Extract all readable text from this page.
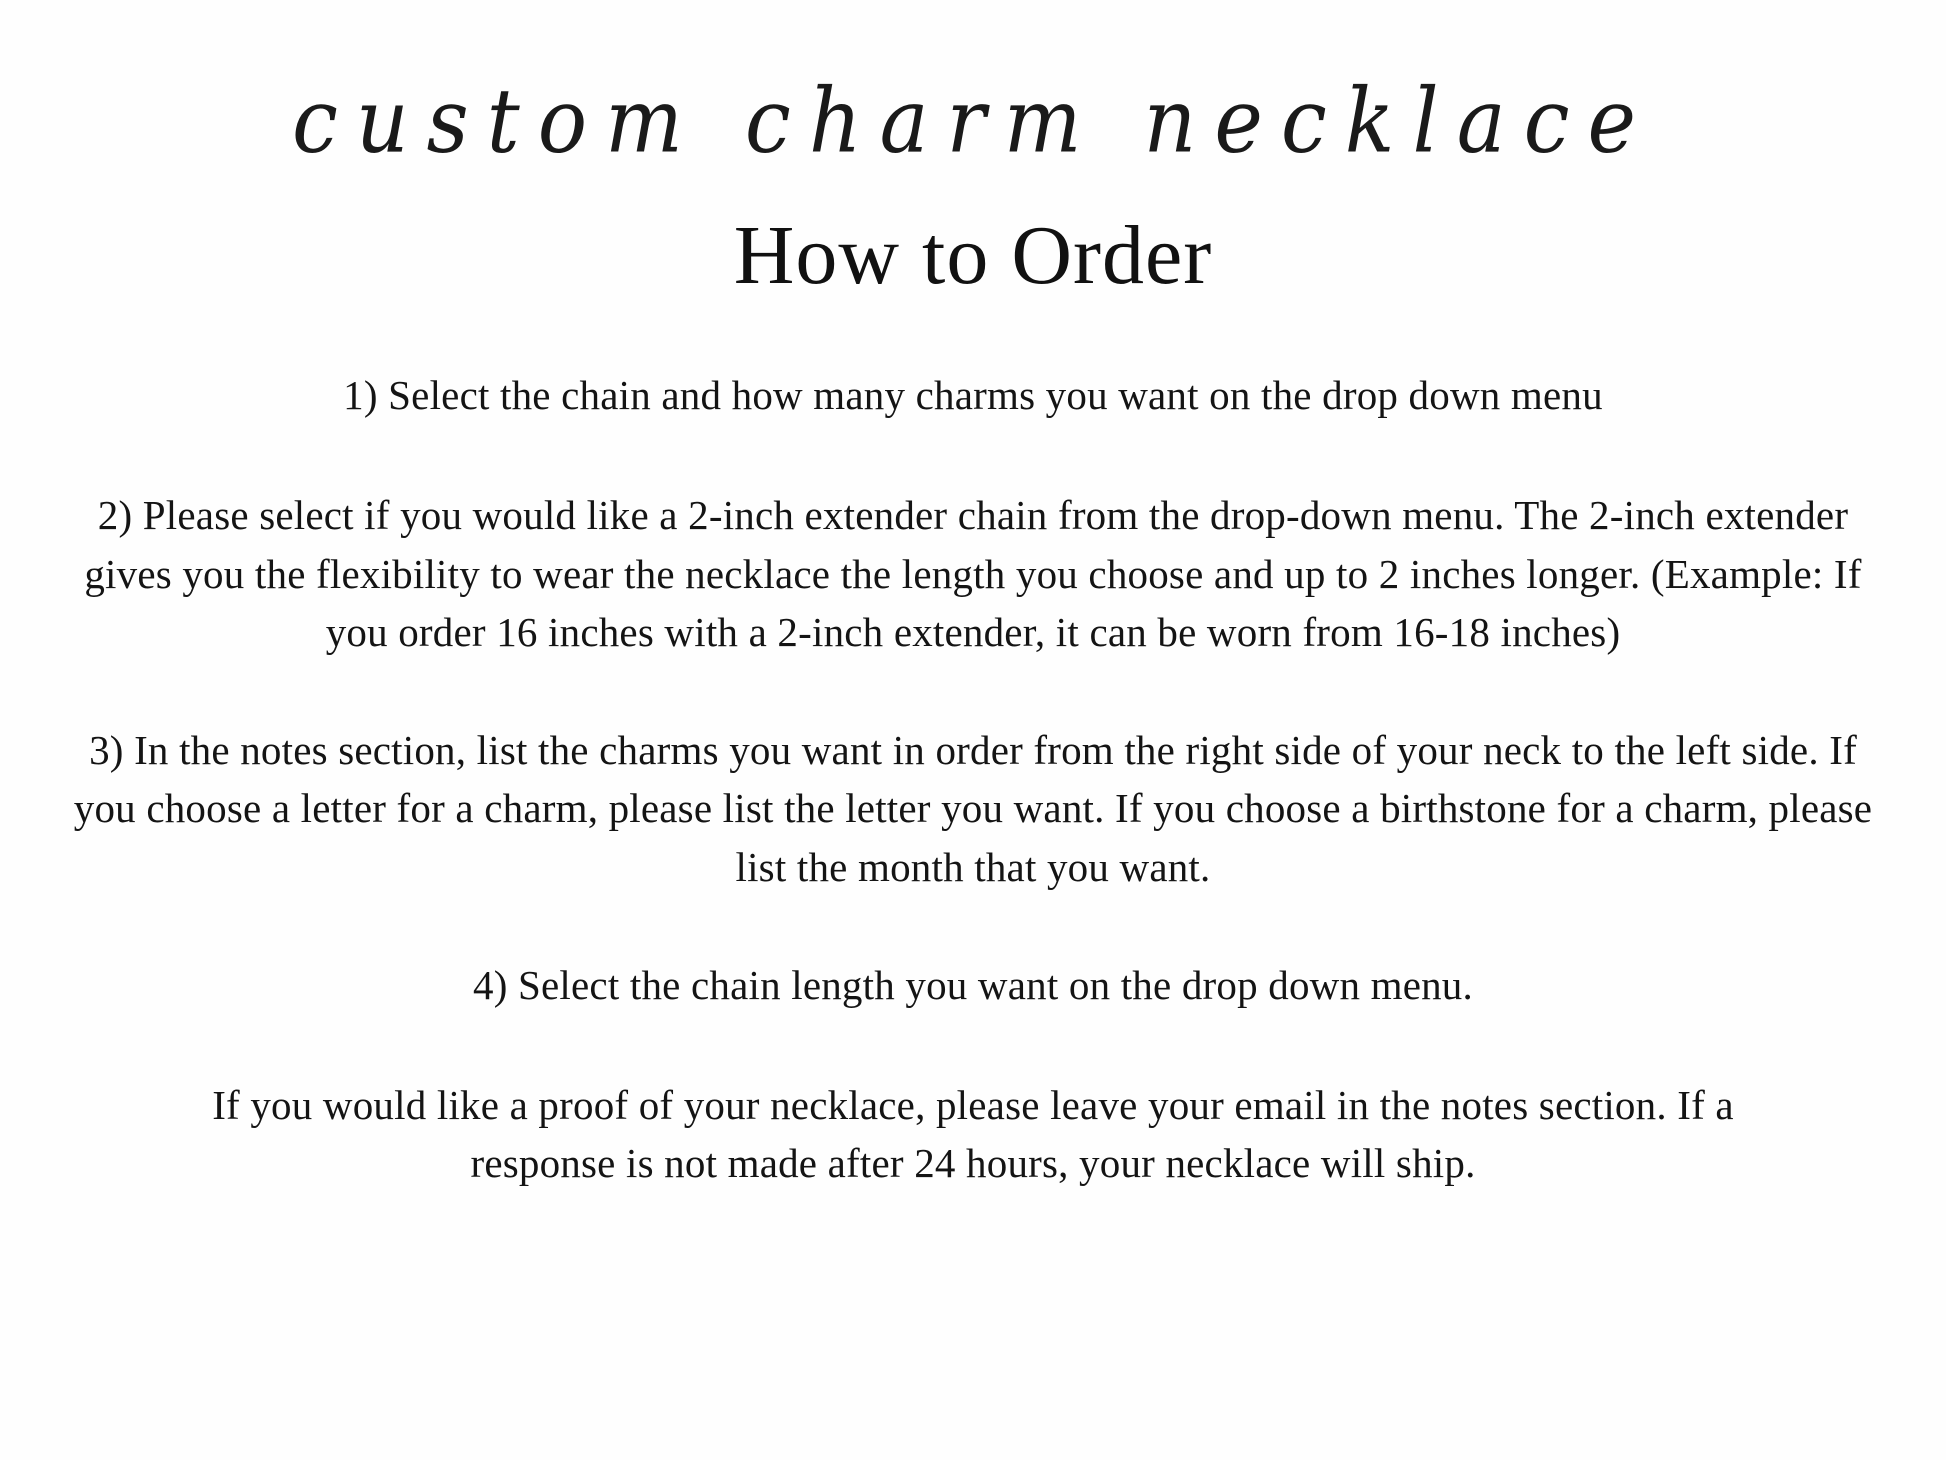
custom charm necklace
How to Order

1) Select the chain and how many charms you want on the drop down menu

2) Please select if you would like a 2-inch extender chain from the drop-down menu. The 2-inch extender gives you the flexibility to wear the necklace the length you choose and up to 2 inches longer. (Example: If you order 16 inches with a 2-inch extender, it can be worn from 16-18 inches)

3) In the notes section, list the charms you want in order from the right side of your neck to the left side. If you choose a letter for a charm, please list the letter you want. If you choose a birthstone for a charm, please list the month that you want.

4) Select the chain length you want on the drop down menu.

If you would like a proof of your necklace, please leave your email in the notes section. If a response is not made after 24 hours, your necklace will ship.
